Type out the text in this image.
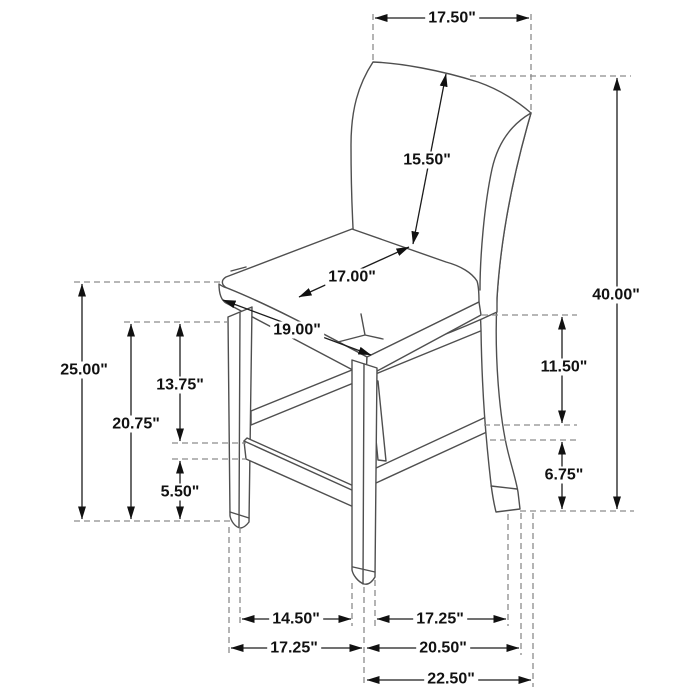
17.50"
15.50"
17.00"
19.00"
25.00"
20.75"
13.75"
5.50"
11.50"
6.75"
40.00"
14.50"	17.25"
17.25"	20.50"
22.50"
